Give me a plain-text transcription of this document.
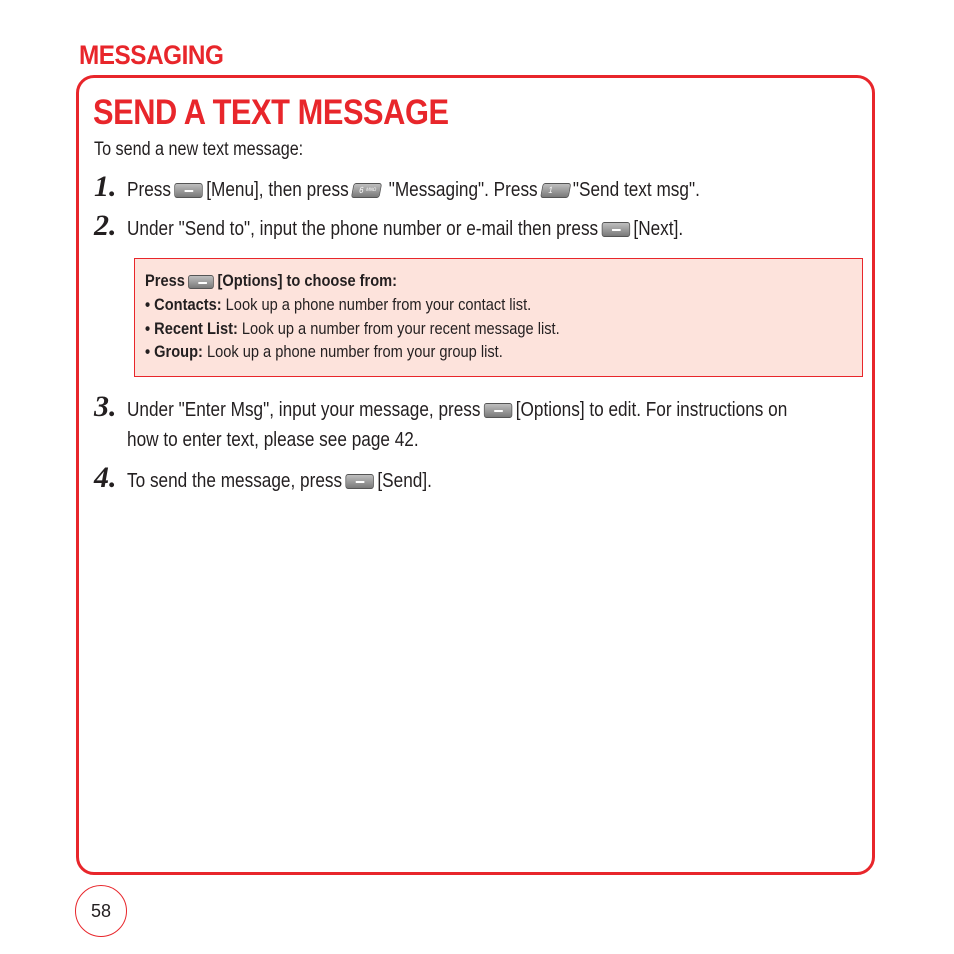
MESSAGING
SEND A TEXT MESSAGE
To send a new text message:
1. Press [Menu], then press 6 MNO "Messaging". Press 1 "Send text msg".
2. Under "Send to", input the phone number or e-mail then press [Next].
Press [Options] to choose from:
• Contacts: Look up a phone number from your contact list.
• Recent List: Look up a number from your recent message list.
• Group: Look up a phone number from your group list.
3. Under "Enter Msg", input your message, press [Options] to edit. For instructions on
how to enter text, please see page 42.
4. To send the message, press [Send].
58
